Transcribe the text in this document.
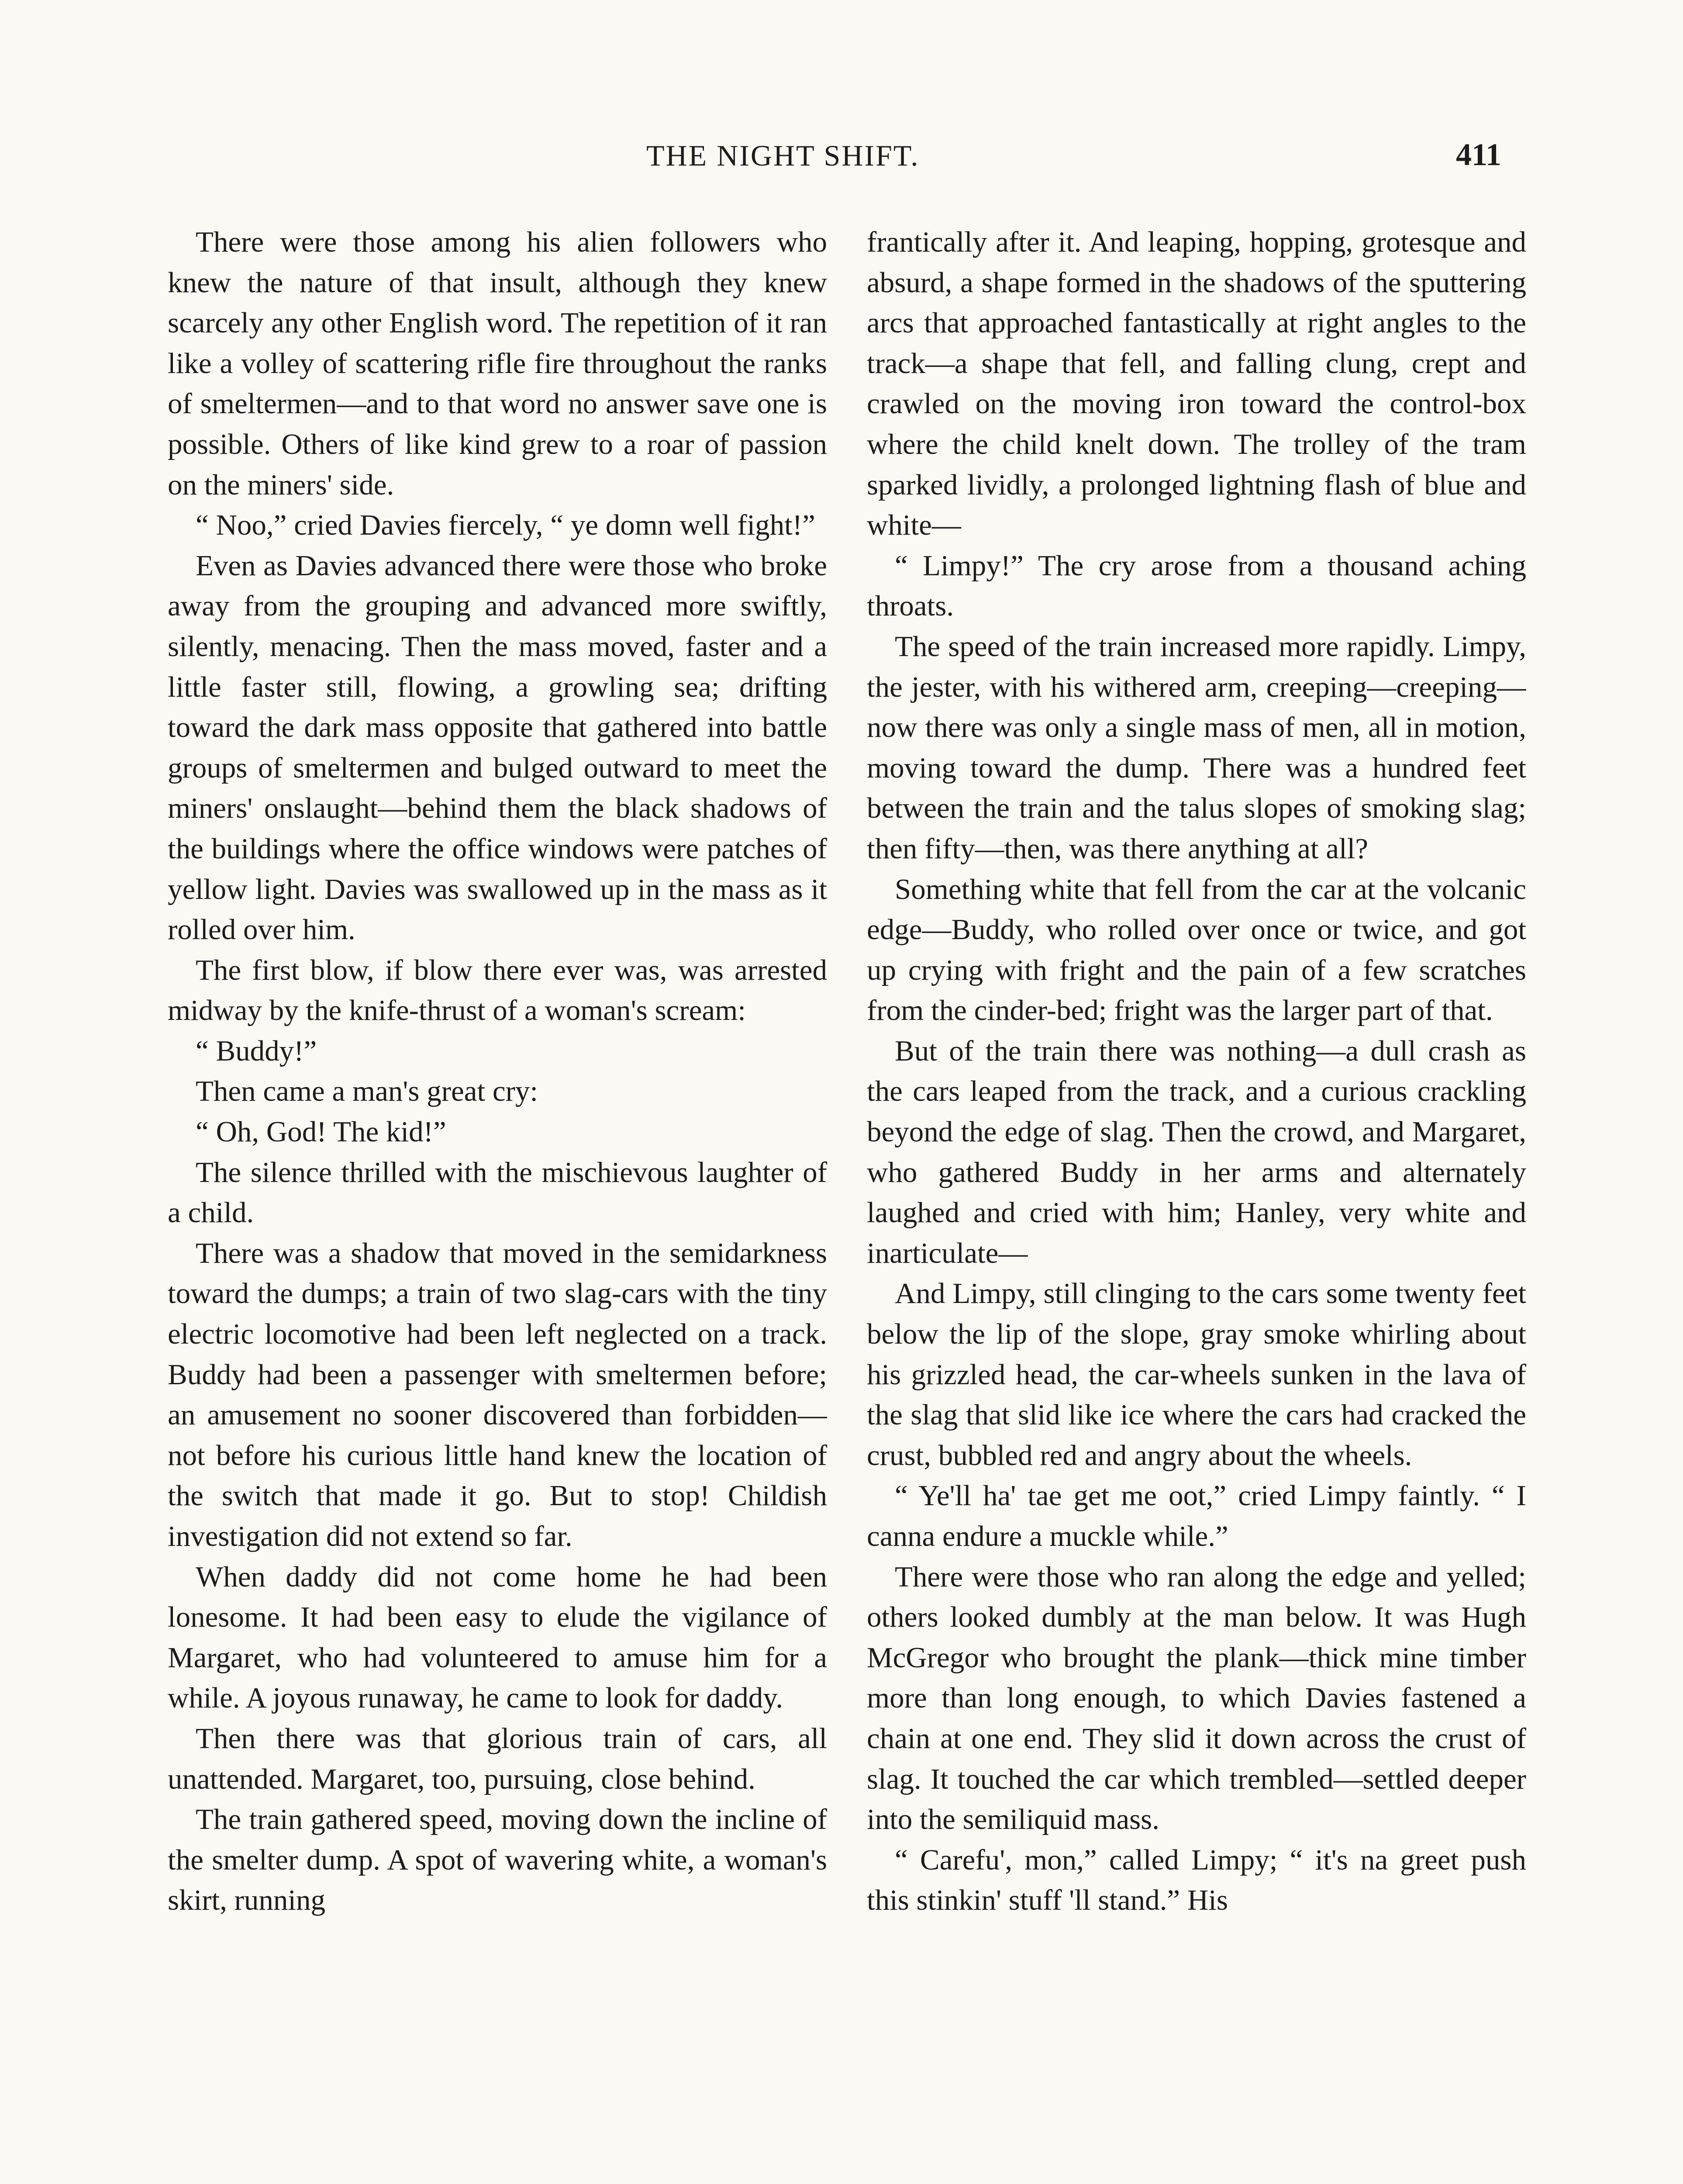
THE NIGHT SHIFT.	411

There were those among his alien followers who knew the nature of that insult, although they knew scarcely any other English word. The repetition of it ran like a volley of scattering rifle fire throughout the ranks of smeltermen—and to that word no answer save one is possible. Others of like kind grew to a roar of passion on the miners' side.

“ Noo,” cried Davies fiercely, “ ye domn well fight!”

Even as Davies advanced there were those who broke away from the grouping and advanced more swiftly, silently, menacing. Then the mass moved, faster and a little faster still, flowing, a growling sea; drifting toward the dark mass opposite that gathered into battle groups of smeltermen and bulged outward to meet the miners' onslaught—behind them the black shadows of the buildings where the office windows were patches of yellow light. Davies was swallowed up in the mass as it rolled over him.

The first blow, if blow there ever was, was arrested midway by the knife-thrust of a woman's scream:

“ Buddy!”

Then came a man's great cry:

“ Oh, God! The kid!”

The silence thrilled with the mischievous laughter of a child.

There was a shadow that moved in the semidarkness toward the dumps; a train of two slag-cars with the tiny electric locomotive had been left neglected on a track. Buddy had been a passenger with smeltermen before; an amusement no sooner discovered than forbidden—not before his curious little hand knew the location of the switch that made it go. But to stop! Childish investigation did not extend so far.

When daddy did not come home he had been lonesome. It had been easy to elude the vigilance of Margaret, who had volunteered to amuse him for a while. A joyous runaway, he came to look for daddy.

Then there was that glorious train of cars, all unattended. Margaret, too, pursuing, close behind.

The train gathered speed, moving down the incline of the smelter dump. A spot of wavering white, a woman's skirt, running

frantically after it. And leaping, hopping, grotesque and absurd, a shape formed in the shadows of the sputtering arcs that approached fantastically at right angles to the track—a shape that fell, and falling clung, crept and crawled on the moving iron toward the control-box where the child knelt down. The trolley of the tram sparked lividly, a prolonged lightning flash of blue and white—

“ Limpy!” The cry arose from a thousand aching throats.

The speed of the train increased more rapidly. Limpy, the jester, with his withered arm, creeping—creeping—now there was only a single mass of men, all in motion, moving toward the dump. There was a hundred feet between the train and the talus slopes of smoking slag; then fifty—then, was there anything at all?

Something white that fell from the car at the volcanic edge—Buddy, who rolled over once or twice, and got up crying with fright and the pain of a few scratches from the cinder-bed; fright was the larger part of that.

But of the train there was nothing—a dull crash as the cars leaped from the track, and a curious crackling beyond the edge of slag. Then the crowd, and Margaret, who gathered Buddy in her arms and alternately laughed and cried with him; Hanley, very white and inarticulate—

And Limpy, still clinging to the cars some twenty feet below the lip of the slope, gray smoke whirling about his grizzled head, the car-wheels sunken in the lava of the slag that slid like ice where the cars had cracked the crust, bubbled red and angry about the wheels.

“ Ye'll ha' tae get me oot,” cried Limpy faintly. “ I canna endure a muckle while.”

There were those who ran along the edge and yelled; others looked dumbly at the man below. It was Hugh McGregor who brought the plank—thick mine timber more than long enough, to which Davies fastened a chain at one end. They slid it down across the crust of slag. It touched the car which trembled—settled deeper into the semiliquid mass.

“ Carefu', mon,” called Limpy; “ it's na greet push this stinkin' stuff 'll stand.” His
